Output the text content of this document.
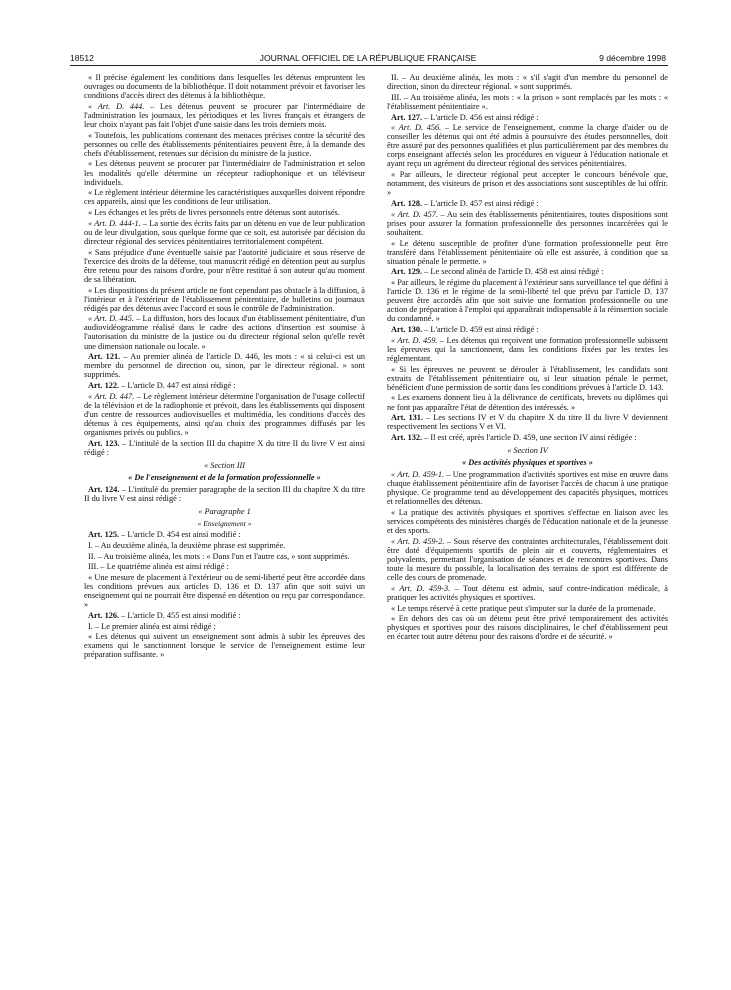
18512	JOURNAL OFFICIEL DE LA RÉPUBLIQUE FRANÇAISE	9 décembre 1998

« Il précise également les conditions dans lesquelles les détenus empruntent les ouvrages ou documents de la bibliothèque. Il doit notamment prévoir et favoriser les conditions d'accès direct des détenus à la bibliothèque.

« Art. D. 444. – Les détenus peuvent se procurer par l'intermédiaire de l'administration les journaux, les périodiques et les livres français et étrangers de leur choix n'ayant pas fait l'objet d'une saisie dans les trois derniers mois.

« Toutefois, les publications contenant des menaces précises contre la sécurité des personnes ou celle des établissements pénitentiaires peuvent être, à la demande des chefs d'établissement, retenues sur décision du ministre de la justice.

« Les détenus peuvent se procurer par l'intermédiaire de l'administration et selon les modalités qu'elle détermine un récepteur radiophonique et un téléviseur individuels.

« Le règlement intérieur détermine les caractéristiques auxquelles doivent répondre ces appareils, ainsi que les conditions de leur utilisation.

« Les échanges et les prêts de livres personnels entre détenus sont autorisés.

« Art. D. 444-1. – La sortie des écrits faits par un détenu en vue de leur publication ou de leur divulgation, sous quelque forme que ce soit, est autorisée par décision du directeur régional des services pénitentiaires territorialement compétent.

« Sans préjudice d'une éventuelle saisie par l'autorité judiciaire et sous réserve de l'exercice des droits de la défense, tout manuscrit rédigé en détention peut au surplus être retenu pour des raisons d'ordre, pour n'être restitué à son auteur qu'au moment de sa libération.

« Les dispositions du présent article ne font cependant pas obstacle à la diffusion, à l'intérieur et à l'extérieur de l'établissement pénitentiaire, de bulletins ou journaux rédigés par des détenus avec l'accord et sous le contrôle de l'administration.

« Art. D. 445. – La diffusion, hors des locaux d'un établissement pénitentiaire, d'un audiovidéogramme réalisé dans le cadre des actions d'insertion est soumise à l'autorisation du ministre de la justice ou du directeur régional selon qu'elle revêt une dimension nationale ou locale. »

Art. 121. – Au premier alinéa de l'article D. 446, les mots : « si celui-ci est un membre du personnel de direction ou, sinon, par le directeur régional. » sont supprimés.

Art. 122. – L'article D. 447 est ainsi rédigé :

« Art. D. 447. – Le règlement intérieur détermine l'organisation de l'usage collectif de la télévision et de la radiophonie et prévoit, dans les établissements qui disposent d'un centre de ressources audiovisuelles et multimédia, les conditions d'accès des détenus à ces équipements, ainsi qu'au choix des programmes diffusés par les organismes privés ou publics. »

Art. 123. – L'intitulé de la section III du chapitre X du titre II du livre V est ainsi rédigé :

« Section III

« De l'enseignement et de la formation professionnelle »

Art. 124. – L'intitulé du premier paragraphe de la section III du chapitre X du titre II du livre V est ainsi rédigé :

« Paragraphe 1

« Enseignement »

Art. 125. – L'article D. 454 est ainsi modifié :

I. – Au deuxième alinéa, la deuxième phrase est supprimée.

II. – Au troisième alinéa, les mots : « Dans l'un et l'autre cas, » sont supprimés.

III. – Le quatrième alinéa est ainsi rédigé :

« Une mesure de placement à l'extérieur ou de semi-liberté peut être accordée dans les conditions prévues aux articles D. 136 et D. 137 afin que soit suivi un enseignement qui ne pourrait être dispensé en détention ou reçu par correspondance. »

Art. 126. – L'article D. 455 est ainsi modifié :

I. – Le premier alinéa est ainsi rédigé :

« Les détenus qui suivent un enseignement sont admis à subir les épreuves des examens qui le sanctionnent lorsque le service de l'enseignement estime leur préparation suffisante. »

II. – Au deuxième alinéa, les mots : « s'il s'agit d'un membre du personnel de direction, sinon du directeur régional. » sont supprimés.

III. – Au troisième alinéa, les mots : « la prison » sont remplacés par les mots : « l'établissement pénitentiaire ».

Art. 127. – L'article D. 456 est ainsi rédigé :

« Art. D. 456. – Le service de l'enseignement, comme la charge d'aider ou de conseiller les détenus qui ont été admis à poursuivre des études personnelles, doit être assuré par des personnes qualifiées et plus particulièrement par des membres du corps enseignant affectés selon les procédures en vigueur à l'éducation nationale et ayant reçu un agrément du directeur régional des services pénitentiaires.

« Par ailleurs, le directeur régional peut accepter le concours bénévole que, notamment, des visiteurs de prison et des associations sont susceptibles de lui offrir. »

Art. 128. – L'article D. 457 est ainsi rédigé :

« Art. D. 457. – Au sein des établissements pénitentiaires, toutes dispositions sont prises pour assurer la formation professionnelle des personnes incarcérées qui le souhaitent.

« Le détenu susceptible de profiter d'une formation professionnelle peut être transféré dans l'établissement pénitentiaire où elle est assurée, à condition que sa situation pénale le permette. »

Art. 129. – Le second alinéa de l'article D. 458 est ainsi rédigé :

« Par ailleurs, le régime du placement à l'extérieur sans surveillance tel que défini à l'article D. 136 et le régime de la semi-liberté tel que prévu par l'article D. 137 peuvent être accordés afin que soit suivie une formation professionnelle ou une action de préparation à l'emploi qui apparaîtrait indispensable à la réinsertion sociale du condamné. »

Art. 130. – L'article D. 459 est ainsi rédigé :

« Art. D. 459. – Les détenus qui reçoivent une formation professionnelle subissent les épreuves qui la sanctionnent, dans les conditions fixées par les textes les réglementant.

« Si les épreuves ne peuvent se dérouler à l'établissement, les candidats sont extraits de l'établissement pénitentiaire ou, si leur situation pénale le permet, bénéficient d'une permission de sortir dans les conditions prévues à l'article D. 143.

« Les examens donnent lieu à la délivrance de certificats, brevets ou diplômes qui ne font pas apparaître l'état de détention des intéressés. »

Art. 131. – Les sections IV et V du chapitre X du titre II du livre V deviennent respectivement les sections V et VI.

Art. 132. – Il est créé, après l'article D. 459, une section IV ainsi rédigée :

« Section IV

« Des activités physiques et sportives »

« Art. D. 459-1. – Une programmation d'activités sportives est mise en œuvre dans chaque établissement pénitentiaire afin de favoriser l'accès de chacun à une pratique physique. Ce programme tend au développement des capacités physiques, motrices et relationnelles des détenus.

« La pratique des activités physiques et sportives s'effectue en liaison avec les services compétents des ministères chargés de l'éducation nationale et de la jeunesse et des sports.

« Art. D. 459-2. – Sous réserve des contraintes architecturales, l'établissement doit être doté d'équipements sportifs de plein air et couverts, réglementaires et polyvalents, permettant l'organisation de séances et de rencontres sportives. Dans toute la mesure du possible, la localisation des terrains de sport est différente de celle des cours de promenade.

« Art. D. 459-3. – Tout détenu est admis, sauf contre-indication médicale, à pratiquer les activités physiques et sportives.

« Le temps réservé à cette pratique peut s'imputer sur la durée de la promenade.

« En dehors des cas où un détenu peut être privé temporairement des activités physiques et sportives pour des raisons disciplinaires, le chef d'établissement peut en écarter tout autre détenu pour des raisons d'ordre et de sécurité. »
